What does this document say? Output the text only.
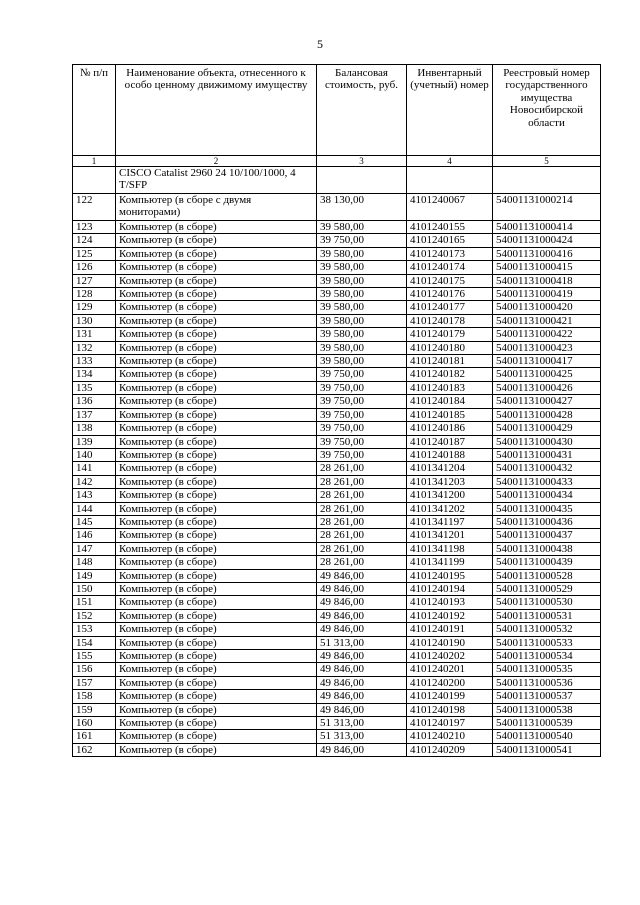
5
№ п/п	Наименование объекта, отнесенного к особо ценному движимому имуществу	Балансовая стоимость, руб.	Инвентарный (учетный) номер	Реестровый номер государственного имущества Новосибирской области
1	2	3	4	5
	CISCO Catalist 2960 24 10/100/1000, 4 T/SFP			
122	Компьютер (в сборе с двумя мониторами)	38 130,00	4101240067	54001131000214
123	Компьютер (в сборе)	39 580,00	4101240155	54001131000414
124	Компьютер (в сборе)	39 750,00	4101240165	54001131000424
125	Компьютер (в сборе)	39 580,00	4101240173	54001131000416
126	Компьютер (в сборе)	39 580,00	4101240174	54001131000415
127	Компьютер (в сборе)	39 580,00	4101240175	54001131000418
128	Компьютер (в сборе)	39 580,00	4101240176	54001131000419
129	Компьютер (в сборе)	39 580,00	4101240177	54001131000420
130	Компьютер (в сборе)	39 580,00	4101240178	54001131000421
131	Компьютер (в сборе)	39 580,00	4101240179	54001131000422
132	Компьютер (в сборе)	39 580,00	4101240180	54001131000423
133	Компьютер (в сборе)	39 580,00	4101240181	54001131000417
134	Компьютер (в сборе)	39 750,00	4101240182	54001131000425
135	Компьютер (в сборе)	39 750,00	4101240183	54001131000426
136	Компьютер (в сборе)	39 750,00	4101240184	54001131000427
137	Компьютер (в сборе)	39 750,00	4101240185	54001131000428
138	Компьютер (в сборе)	39 750,00	4101240186	54001131000429
139	Компьютер (в сборе)	39 750,00	4101240187	54001131000430
140	Компьютер (в сборе)	39 750,00	4101240188	54001131000431
141	Компьютер (в сборе)	28 261,00	4101341204	54001131000432
142	Компьютер (в сборе)	28 261,00	4101341203	54001131000433
143	Компьютер (в сборе)	28 261,00	4101341200	54001131000434
144	Компьютер (в сборе)	28 261,00	4101341202	54001131000435
145	Компьютер (в сборе)	28 261,00	4101341197	54001131000436
146	Компьютер (в сборе)	28 261,00	4101341201	54001131000437
147	Компьютер (в сборе)	28 261,00	4101341198	54001131000438
148	Компьютер (в сборе)	28 261,00	4101341199	54001131000439
149	Компьютер (в сборе)	49 846,00	4101240195	54001131000528
150	Компьютер (в сборе)	49 846,00	4101240194	54001131000529
151	Компьютер (в сборе)	49 846,00	4101240193	54001131000530
152	Компьютер (в сборе)	49 846,00	4101240192	54001131000531
153	Компьютер (в сборе)	49 846,00	4101240191	54001131000532
154	Компьютер (в сборе)	51 313,00	4101240190	54001131000533
155	Компьютер (в сборе)	49 846,00	4101240202	54001131000534
156	Компьютер (в сборе)	49 846,00	4101240201	54001131000535
157	Компьютер (в сборе)	49 846,00	4101240200	54001131000536
158	Компьютер (в сборе)	49 846,00	4101240199	54001131000537
159	Компьютер (в сборе)	49 846,00	4101240198	54001131000538
160	Компьютер (в сборе)	51 313,00	4101240197	54001131000539
161	Компьютер (в сборе)	51 313,00	4101240210	54001131000540
162	Компьютер (в сборе)	49 846,00	4101240209	54001131000541
